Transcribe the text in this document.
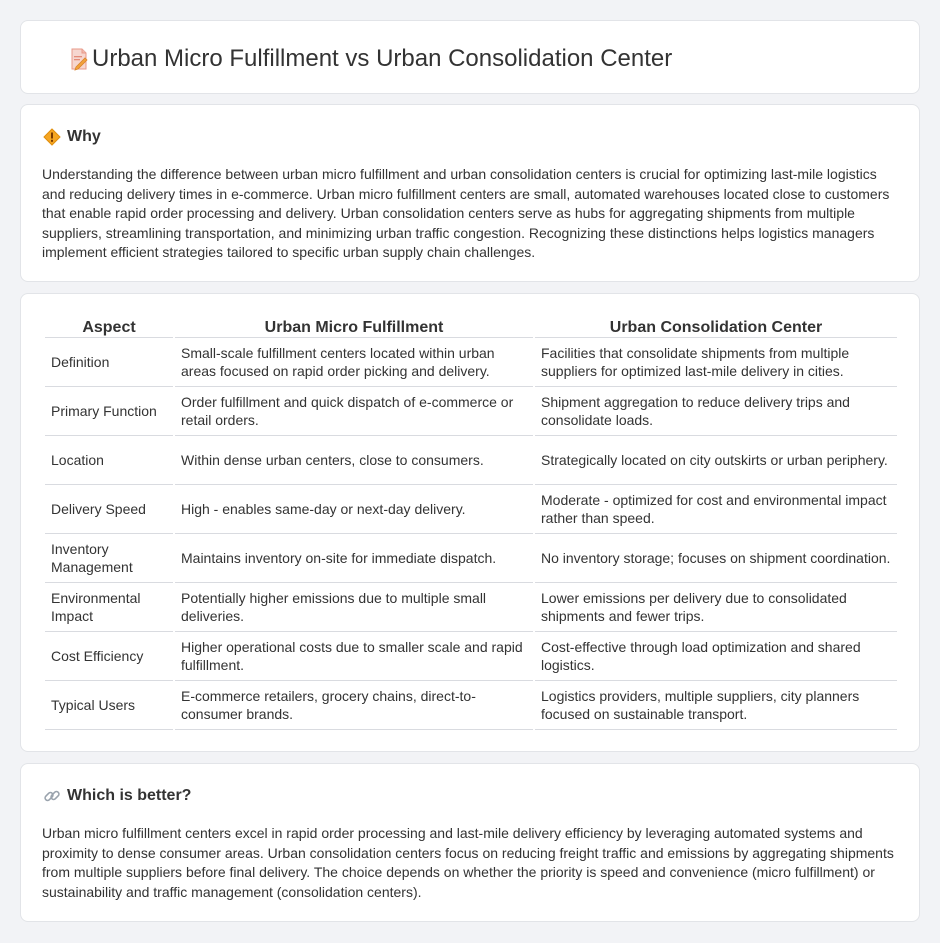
Urban Micro Fulfillment vs Urban Consolidation Center
Why

Understanding the difference between urban micro fulfillment and urban consolidation centers is crucial for optimizing last-mile logistics and reducing delivery times in e-commerce. Urban micro fulfillment centers are small, automated warehouses located close to customers that enable rapid order processing and delivery. Urban consolidation centers serve as hubs for aggregating shipments from multiple suppliers, streamlining transportation, and minimizing urban traffic congestion. Recognizing these distinctions helps logistics managers implement efficient strategies tailored to specific urban supply chain challenges.

Aspect	Urban Micro Fulfillment	Urban Consolidation Center
Definition	Small-scale fulfillment centers located within urban areas focused on rapid order picking and delivery.	Facilities that consolidate shipments from multiple suppliers for optimized last-mile delivery in cities.
Primary Function	Order fulfillment and quick dispatch of e-commerce or retail orders.	Shipment aggregation to reduce delivery trips and consolidate loads.
Location	Within dense urban centers, close to consumers.	Strategically located on city outskirts or urban periphery.
Delivery Speed	High - enables same-day or next-day delivery.	Moderate - optimized for cost and environmental impact rather than speed.
Inventory Management	Maintains inventory on-site for immediate dispatch.	No inventory storage; focuses on shipment coordination.
Environmental Impact	Potentially higher emissions due to multiple small deliveries.	Lower emissions per delivery due to consolidated shipments and fewer trips.
Cost Efficiency	Higher operational costs due to smaller scale and rapid fulfillment.	Cost-effective through load optimization and shared logistics.
Typical Users	E-commerce retailers, grocery chains, direct-to-consumer brands.	Logistics providers, multiple suppliers, city planners focused on sustainable transport.
Which is better?

Urban micro fulfillment centers excel in rapid order processing and last-mile delivery efficiency by leveraging automated systems and proximity to dense consumer areas. Urban consolidation centers focus on reducing freight traffic and emissions by aggregating shipments from multiple suppliers before final delivery. The choice depends on whether the priority is speed and convenience (micro fulfillment) or sustainability and traffic management (consolidation centers).
